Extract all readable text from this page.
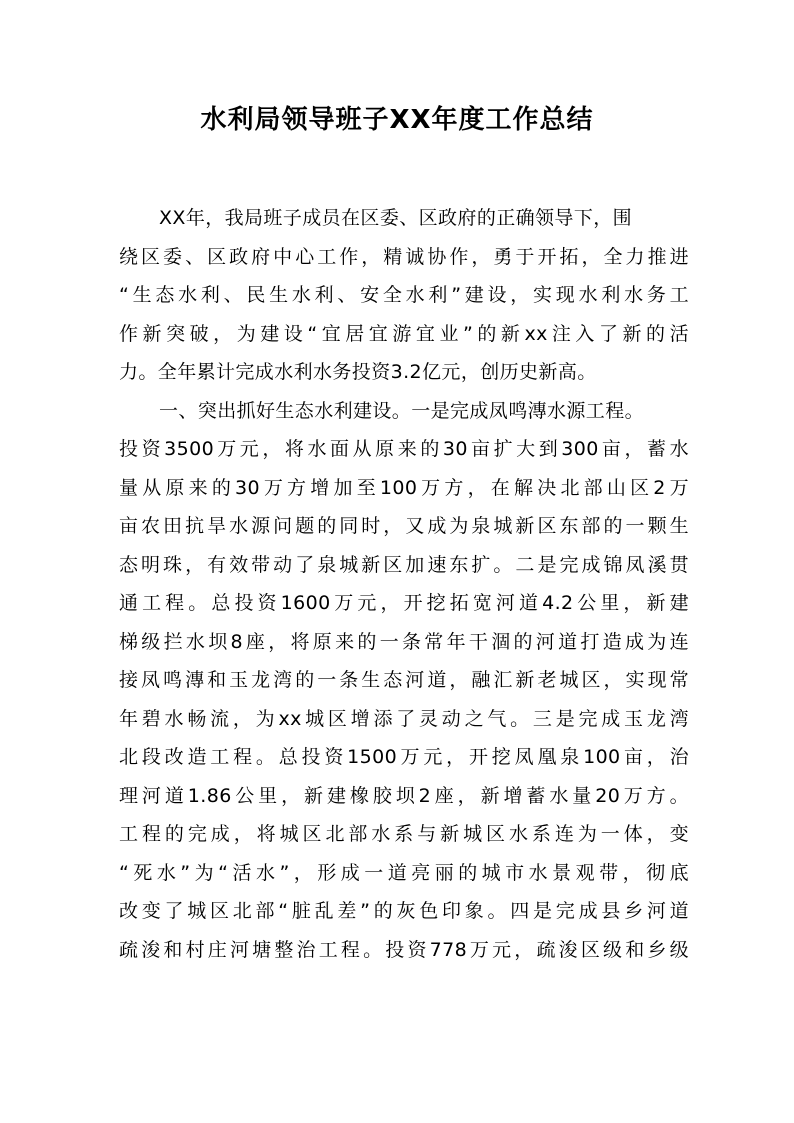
水利局领导班子XX年度工作总结
XX年，我局班子成员在区委、区政府的正确领导下，围
绕区委、区政府中心工作，精诚协作，勇于开拓，全力推进
“生态水利、民生水利、安全水利”建设，实现水利水务工
作新突破，为建设“宜居宜游宜业”的新xx注入了新的活
力。全年累计完成水利水务投资3.2亿元，创历史新高。
一、突出抓好生态水利建设。一是完成凤鸣漙水源工程。
投资3500万元，将水面从原来的30亩扩大到300亩，蓄水
量从原来的30万方增加至100万方，在解决北部山区2万
亩农田抗旱水源问题的同时，又成为泉城新区东部的一颗生
态明珠，有效带动了泉城新区加速东扩。二是完成锦凤溪贯
通工程。总投资1600万元，开挖拓宽河道4.2公里，新建
梯级拦水坝8座，将原来的一条常年干涸的河道打造成为连
接凤鸣漙和玉龙湾的一条生态河道，融汇新老城区，实现常
年碧水畅流，为xx城区增添了灵动之气。三是完成玉龙湾
北段改造工程。总投资1500万元，开挖凤凰泉100亩，治
理河道1.86公里，新建橡胶坝2座，新增蓄水量20万方。
工程的完成，将城区北部水系与新城区水系连为一体，变
“死水”为“活水”，形成一道亮丽的城市水景观带，彻底
改变了城区北部“脏乱差”的灰色印象。四是完成县乡河道
疏浚和村庄河塘整治工程。投资778万元，疏浚区级和乡级
